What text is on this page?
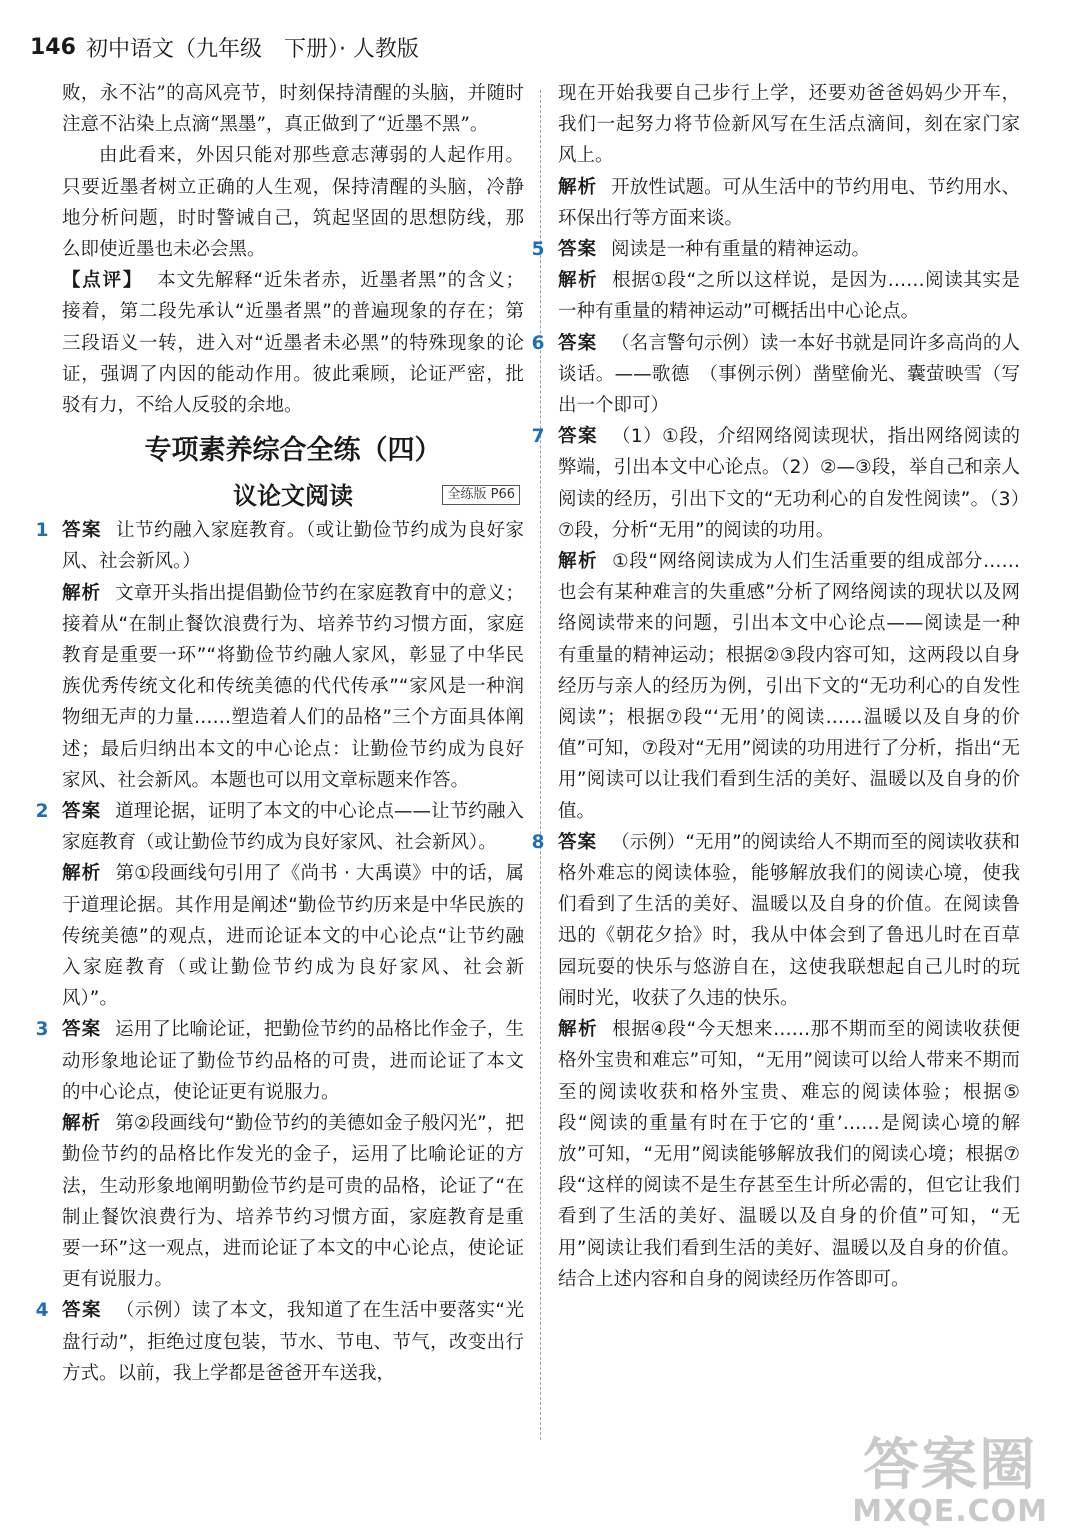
146 初中语文（九年级　下册）· 人教版

败，永不沾”的高风亮节，时刻保持清醒的头脑，并随时注意不沾染上点滴“黑墨”，真正做到了“近墨不黑”。

由此看来，外因只能对那些意志薄弱的人起作用。只要近墨者树立正确的人生观，保持清醒的头脑，冷静地分析问题，时时警诫自己，筑起坚固的思想防线，那么即使近墨也未必会黑。

【点评】 本文先解释“近朱者赤，近墨者黑”的含义；接着，第二段先承认“近墨者黑”的普遍现象的存在；第三段语义一转，进入对“近墨者未必黑”的特殊现象的论证，强调了内因的能动作用。彼此乘顾，论证严密，批驳有力，不给人反驳的余地。

专项素养综合全练（四）
议论文阅读	全练版 P66
1 答案 让节约融入家庭教育。（或让勤俭节约成为良好家风、社会新风。）

解析 文章开头指出提倡勤俭节约在家庭教育中的意义；接着从“在制止餐饮浪费行为、培养节约习惯方面，家庭教育是重要一环”“将勤俭节约融人家风，彰显了中华民族优秀传统文化和传统美德的代代传承”“家风是一种润物细无声的力量……塑造着人们的品格”三个方面具体阐述；最后归纳出本文的中心论点：让勤俭节约成为良好家风、社会新风。本题也可以用文章标题来作答。

2 答案 道理论据，证明了本文的中心论点——让节约融入家庭教育（或让勤俭节约成为良好家风、社会新风）。

解析 第①段画线句引用了《尚书 · 大禹谟》中的话，属于道理论据。其作用是阐述“勤俭节约历来是中华民族的传统美德”的观点，进而论证本文的中心论点“让节约融入家庭教育（或让勤俭节约成为良好家风、社会新风）”。

3 答案 运用了比喻论证，把勤俭节约的品格比作金子，生动形象地论证了勤俭节约品格的可贵，进而论证了本文的中心论点，使论证更有说服力。

解析 第②段画线句“勤俭节约的美德如金子般闪光”，把勤俭节约的品格比作发光的金子，运用了比喻论证的方法，生动形象地阐明勤俭节约是可贵的品格，论证了“在制止餐饮浪费行为、培养节约习惯方面，家庭教育是重要一环”这一观点，进而论证了本文的中心论点，使论证更有说服力。

4 答案 （示例）读了本文，我知道了在生活中要落实“光盘行动”，拒绝过度包装，节水、节电、节气，改变出行方式。以前，我上学都是爸爸开车送我，

现在开始我要自己步行上学，还要劝爸爸妈妈少开车，我们一起努力将节俭新风写在生活点滴间，刻在家门家风上。

解析 开放性试题。可从生活中的节约用电、节约用水、环保出行等方面来谈。

5 答案 阅读是一种有重量的精神运动。

解析 根据①段“之所以这样说，是因为……阅读其实是一种有重量的精神运动”可概括出中心论点。

6 答案 （名言警句示例）读一本好书就是同许多高尚的人谈话。——歌德　（事例示例）凿壁偷光、囊萤映雪（写出一个即可）

7 答案 （1）①段，介绍网络阅读现状，指出网络阅读的弊端，引出本文中心论点。（2）②—③段，举自己和亲人阅读的经历，引出下文的“无功利心的自发性阅读”。（3）⑦段，分析“无用”的阅读的功用。

解析 ①段“网络阅读成为人们生活重要的组成部分……也会有某种难言的失重感”分析了网络阅读的现状以及网络阅读带来的问题，引出本文中心论点——阅读是一种有重量的精神运动；根据②③段内容可知，这两段以自身经历与亲人的经历为例，引出下文的“无功利心的自发性阅读”；根据⑦段“‘无用’的阅读……温暖以及自身的价值”可知，⑦段对“无用”阅读的功用进行了分析，指出“无用”阅读可以让我们看到生活的美好、温暖以及自身的价值。

8 答案 （示例）“无用”的阅读给人不期而至的阅读收获和格外难忘的阅读体验，能够解放我们的阅读心境，使我们看到了生活的美好、温暖以及自身的价值。在阅读鲁迅的《朝花夕拾》时，我从中体会到了鲁迅儿时在百草园玩耍的快乐与悠游自在，这使我联想起自己儿时的玩闹时光，收获了久违的快乐。

解析 根据④段“今天想来……那不期而至的阅读收获便格外宝贵和难忘”可知，“无用”阅读可以给人带来不期而至的阅读收获和格外宝贵、难忘的阅读体验；根据⑤段“阅读的重量有时在于它的‘重’……是阅读心境的解放”可知，“无用”阅读能够解放我们的阅读心境；根据⑦段“这样的阅读不是生存甚至生计所必需的，但它让我们看到了生活的美好、温暖以及自身的价值”可知，“无用”阅读让我们看到生活的美好、温暖以及自身的价值。结合上述内容和自身的阅读经历作答即可。

答案圈
MXQE.COM
